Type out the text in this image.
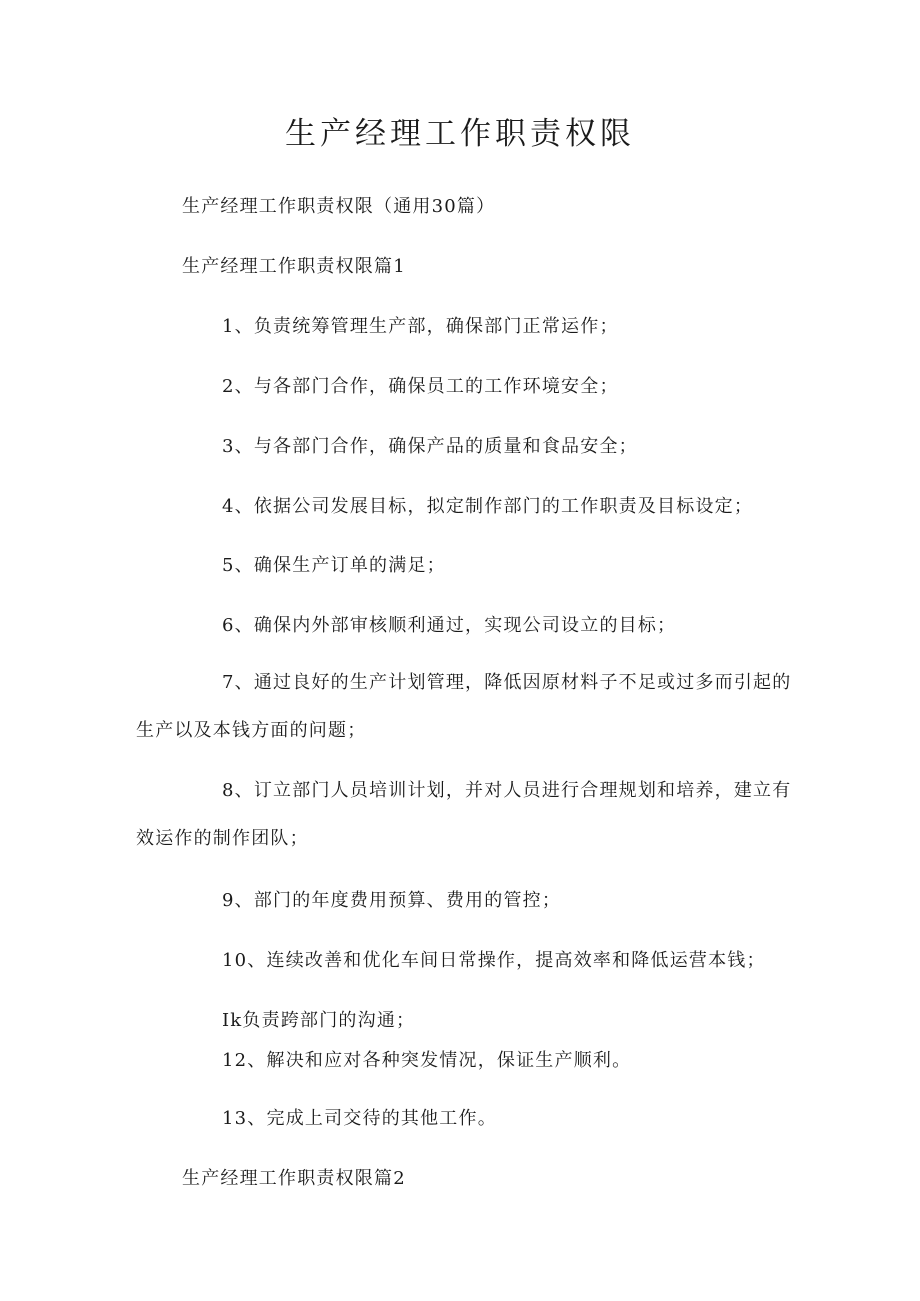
生产经理工作职责权限
生产经理工作职责权限（通用30篇）
生产经理工作职责权限篇1
1、负责统筹管理生产部，确保部门正常运作；
2、与各部门合作，确保员工的工作环境安全；
3、与各部门合作，确保产品的质量和食品安全；
4、依据公司发展目标，拟定制作部门的工作职责及目标设定；
5、确保生产订单的满足；
6、确保内外部审核顺利通过，实现公司设立的目标；

7、通过良好的生产计划管理，降低因原材料子不足或过多而引起的生产以及本钱方面的问题；

8、订立部门人员培训计划，并对人员进行合理规划和培养，建立有效运作的制作团队；

9、部门的年度费用预算、费用的管控；
10、连续改善和优化车间日常操作，提高效率和降低运营本钱；
Ik负责跨部门的沟通；
12、解决和应对各种突发情况，保证生产顺利。
13、完成上司交待的其他工作。
生产经理工作职责权限篇2
